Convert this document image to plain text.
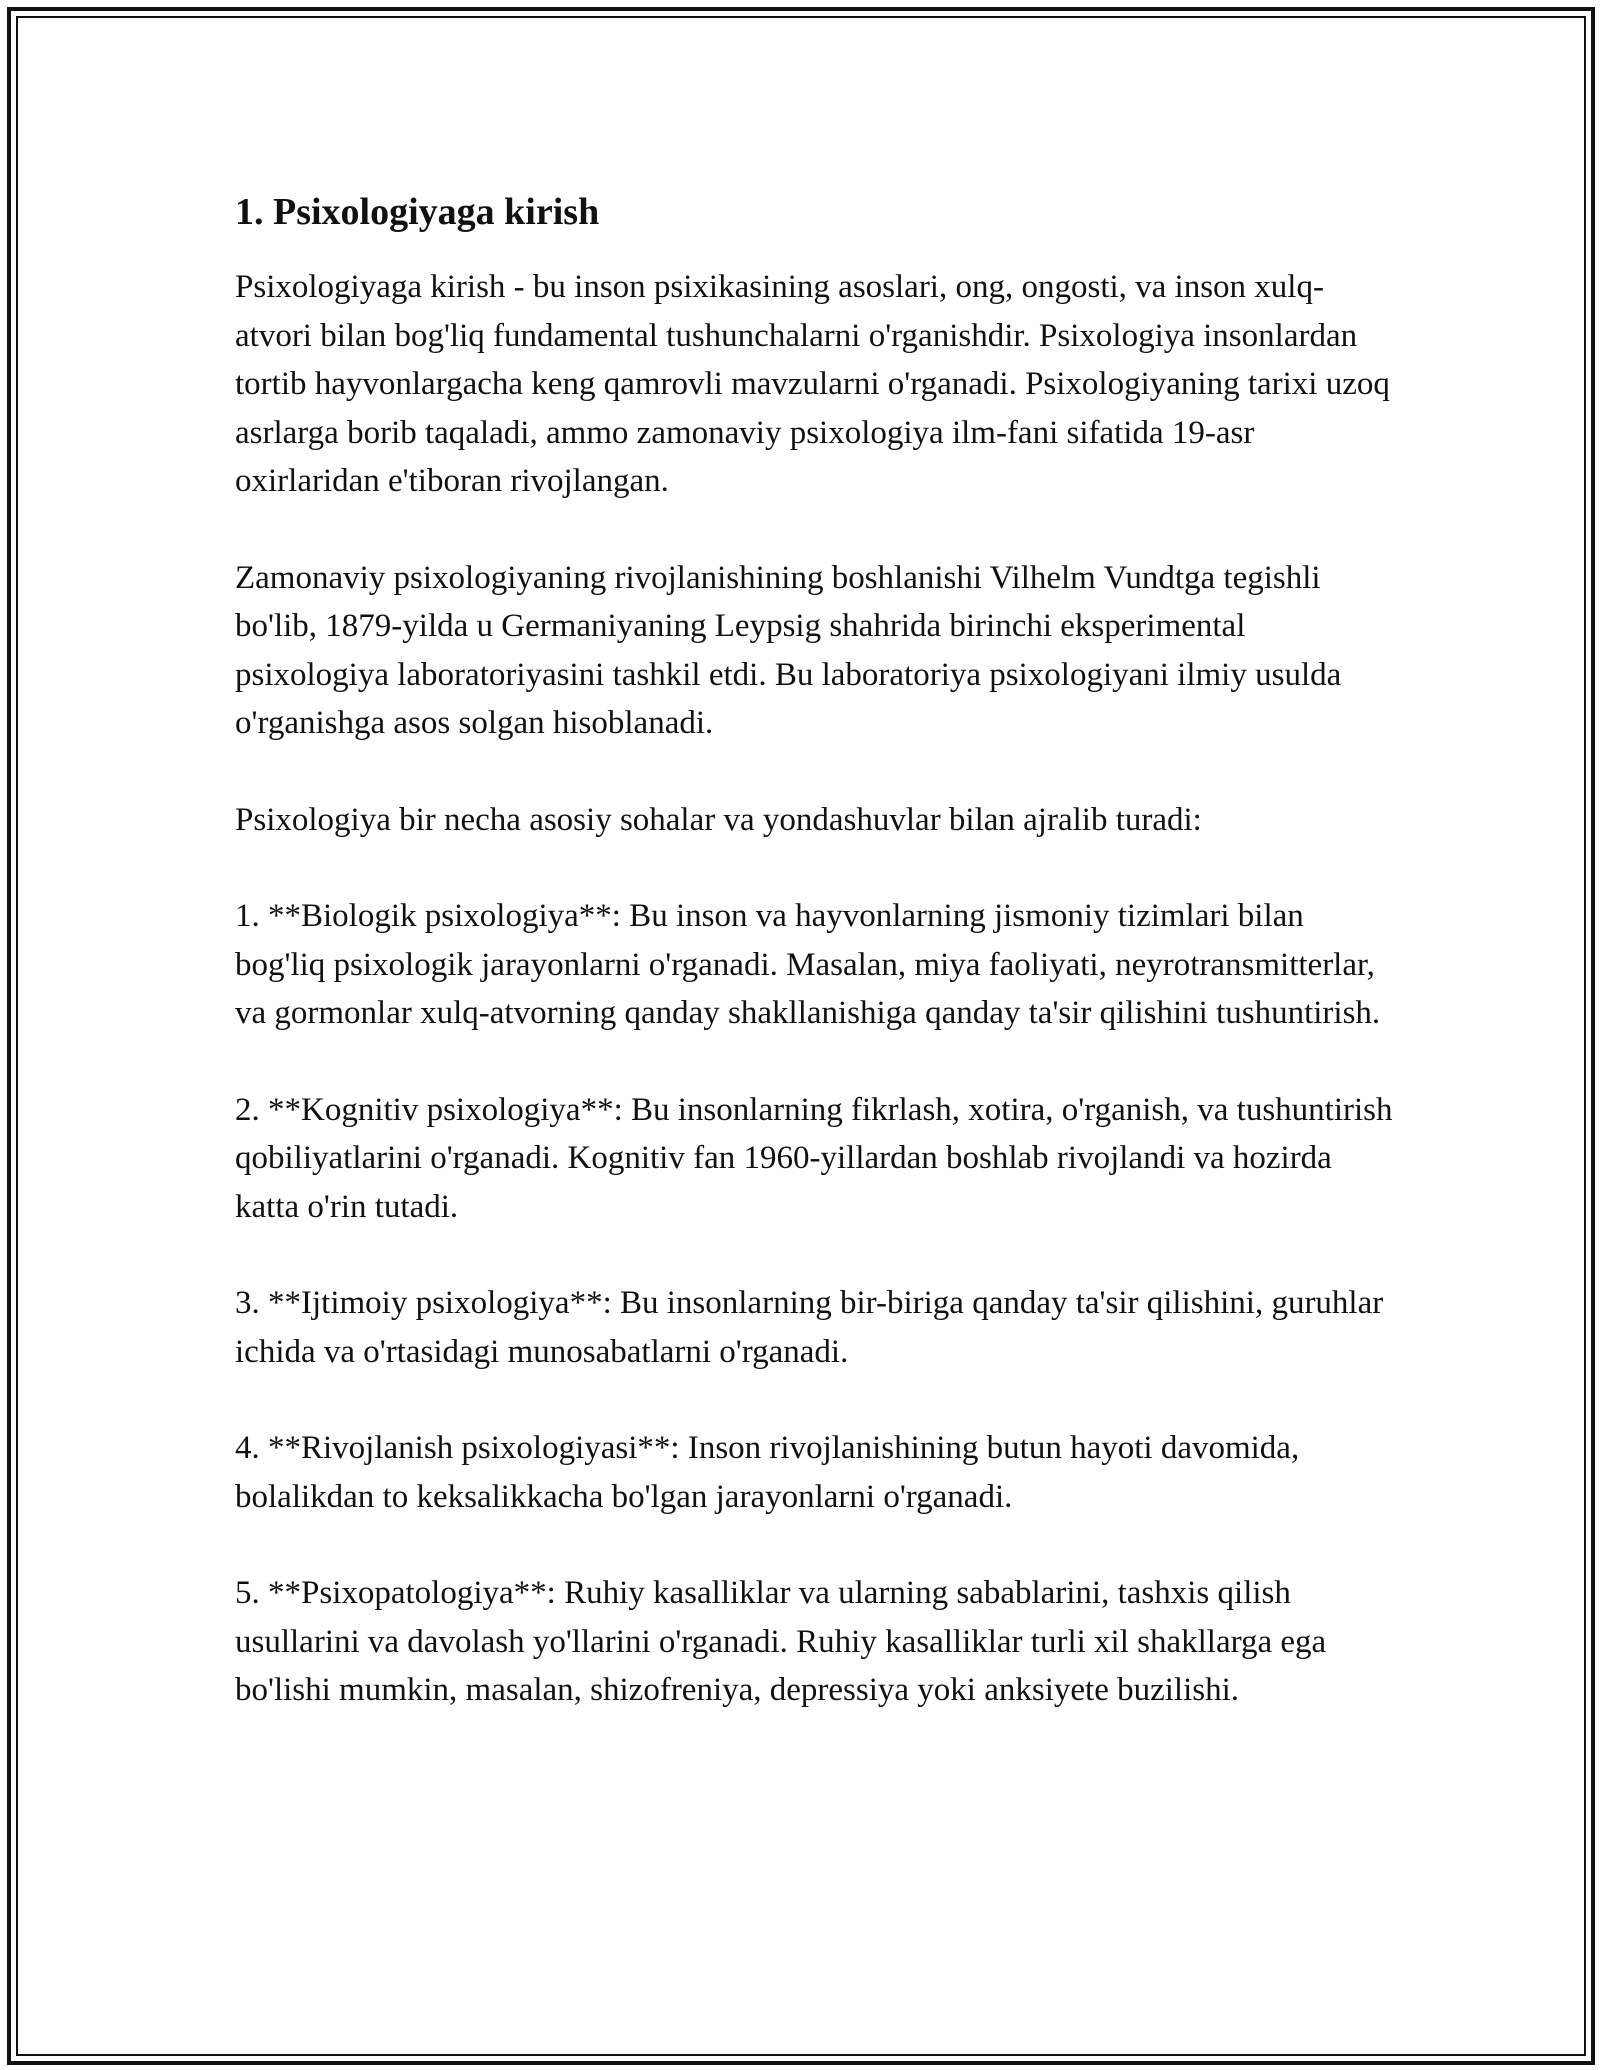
1. Psixologiyaga kirish

Psixologiyaga kirish - bu inson psixikasining asoslari, ong, ongosti, va inson xulq-atvori bilan bog'liq fundamental tushunchalarni o'rganishdir. Psixologiya insonlardan tortib hayvonlargacha keng qamrovli mavzularni o'rganadi. Psixologiyaning tarixi uzoq asrlarga borib taqaladi, ammo zamonaviy psixologiya ilm-fani sifatida 19-asr oxirlaridan e'tiboran rivojlangan.

Zamonaviy psixologiyaning rivojlanishining boshlanishi Vilhelm Vundtga tegishli bo'lib, 1879-yilda u Germaniyaning Leypsig shahrida birinchi eksperimental psixologiya laboratoriyasini tashkil etdi. Bu laboratoriya psixologiyani ilmiy usulda o'rganishga asos solgan hisoblanadi.

Psixologiya bir necha asosiy sohalar va yondashuvlar bilan ajralib turadi:

1. **Biologik psixologiya**: Bu inson va hayvonlarning jismoniy tizimlari bilan bog'liq psixologik jarayonlarni o'rganadi. Masalan, miya faoliyati, neyrotransmitterlar, va gormonlar xulq-atvorning qanday shakllanishiga qanday ta'sir qilishini tushuntirish.

2. **Kognitiv psixologiya**: Bu insonlarning fikrlash, xotira, o'rganish, va tushuntirish qobiliyatlarini o'rganadi. Kognitiv fan 1960-yillardan boshlab rivojlandi va hozirda katta o'rin tutadi.

3. **Ijtimoiy psixologiya**: Bu insonlarning bir-biriga qanday ta'sir qilishini, guruhlar ichida va o'rtasidagi munosabatlarni o'rganadi.

4. **Rivojlanish psixologiyasi**: Inson rivojlanishining butun hayoti davomida, bolalikdan to keksalikkacha bo'lgan jarayonlarni o'rganadi.

5. **Psixopatologiya**: Ruhiy kasalliklar va ularning sabablarini, tashxis qilish usullarini va davolash yo'llarini o'rganadi. Ruhiy kasalliklar turli xil shakllarga ega bo'lishi mumkin, masalan, shizofreniya, depressiya yoki anksiyete buzilishi.
